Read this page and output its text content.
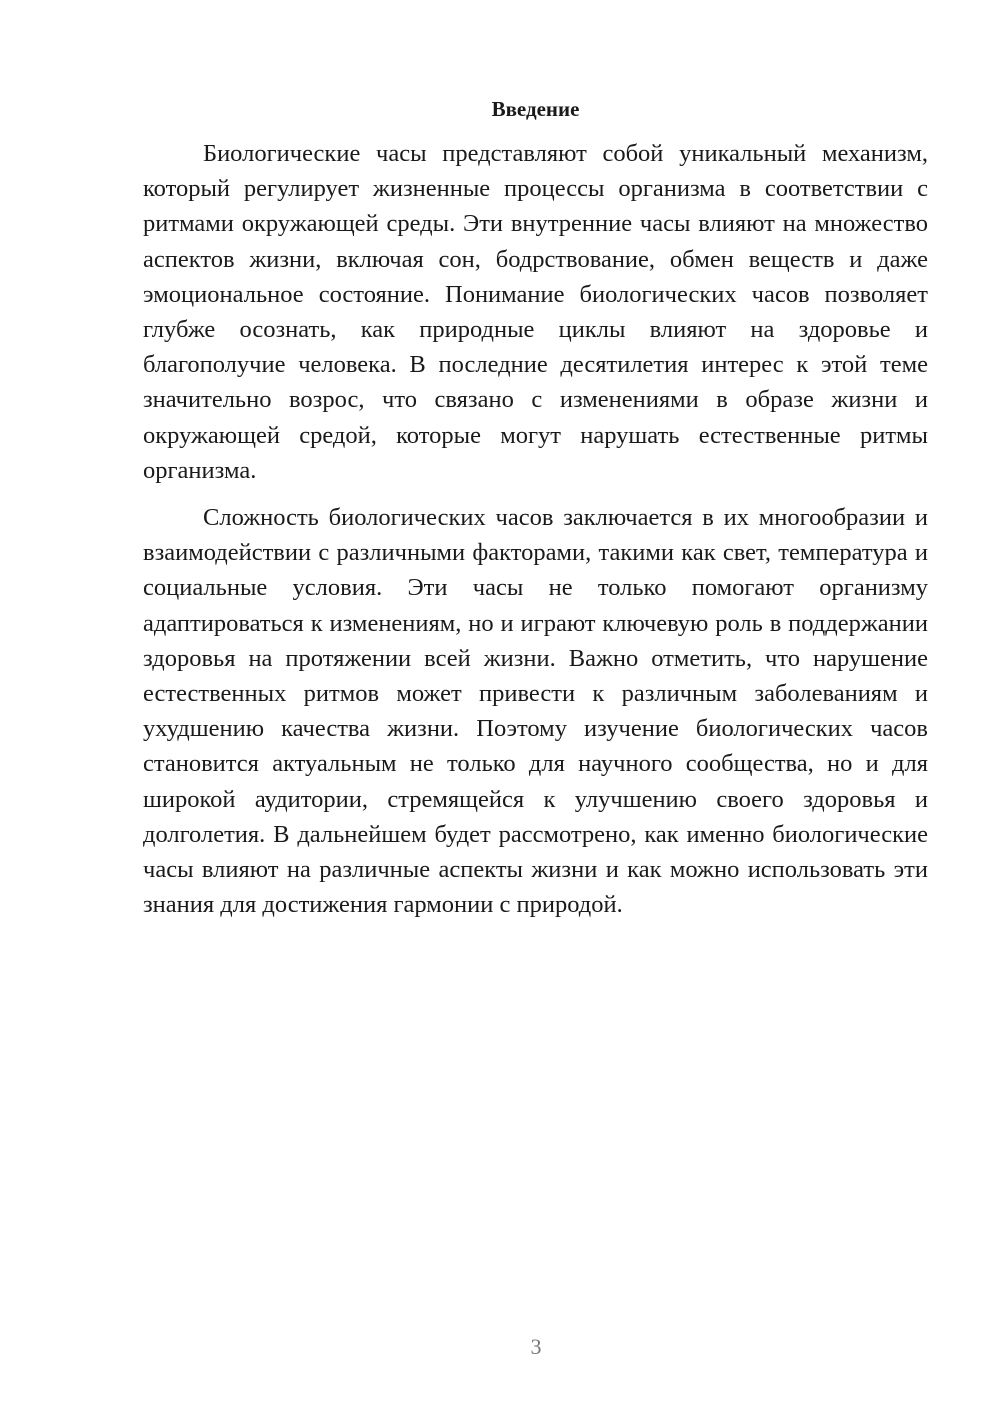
Введение

Биологические часы представляют собой уникальный механизм, который регулирует жизненные процессы организма в соответствии с ритмами окружающей среды. Эти внутренние часы влияют на множество аспектов жизни, включая сон, бодрствование, обмен веществ и даже эмоциональное состояние. Понимание биологических часов позволяет глубже осознать, как природные циклы влияют на здоровье и благополучие человека. В последние десятилетия интерес к этой теме значительно возрос, что связано с изменениями в образе жизни и окружающей средой, которые могут нарушать естественные ритмы организма.

Сложность биологических часов заключается в их многообразии и взаимодействии с различными факторами, такими как свет, температура и социальные условия. Эти часы не только помогают организму адаптироваться к изменениям, но и играют ключевую роль в поддержании здоровья на протяжении всей жизни. Важно отметить, что нарушение естественных ритмов может привести к различным заболеваниям и ухудшению качества жизни. Поэтому изучение биологических часов становится актуальным не только для научного сообщества, но и для широкой аудитории, стремящейся к улучшению своего здоровья и долголетия. В дальнейшем будет рассмотрено, как именно биологические часы влияют на различные аспекты жизни и как можно использовать эти знания для достижения гармонии с природой.

3
